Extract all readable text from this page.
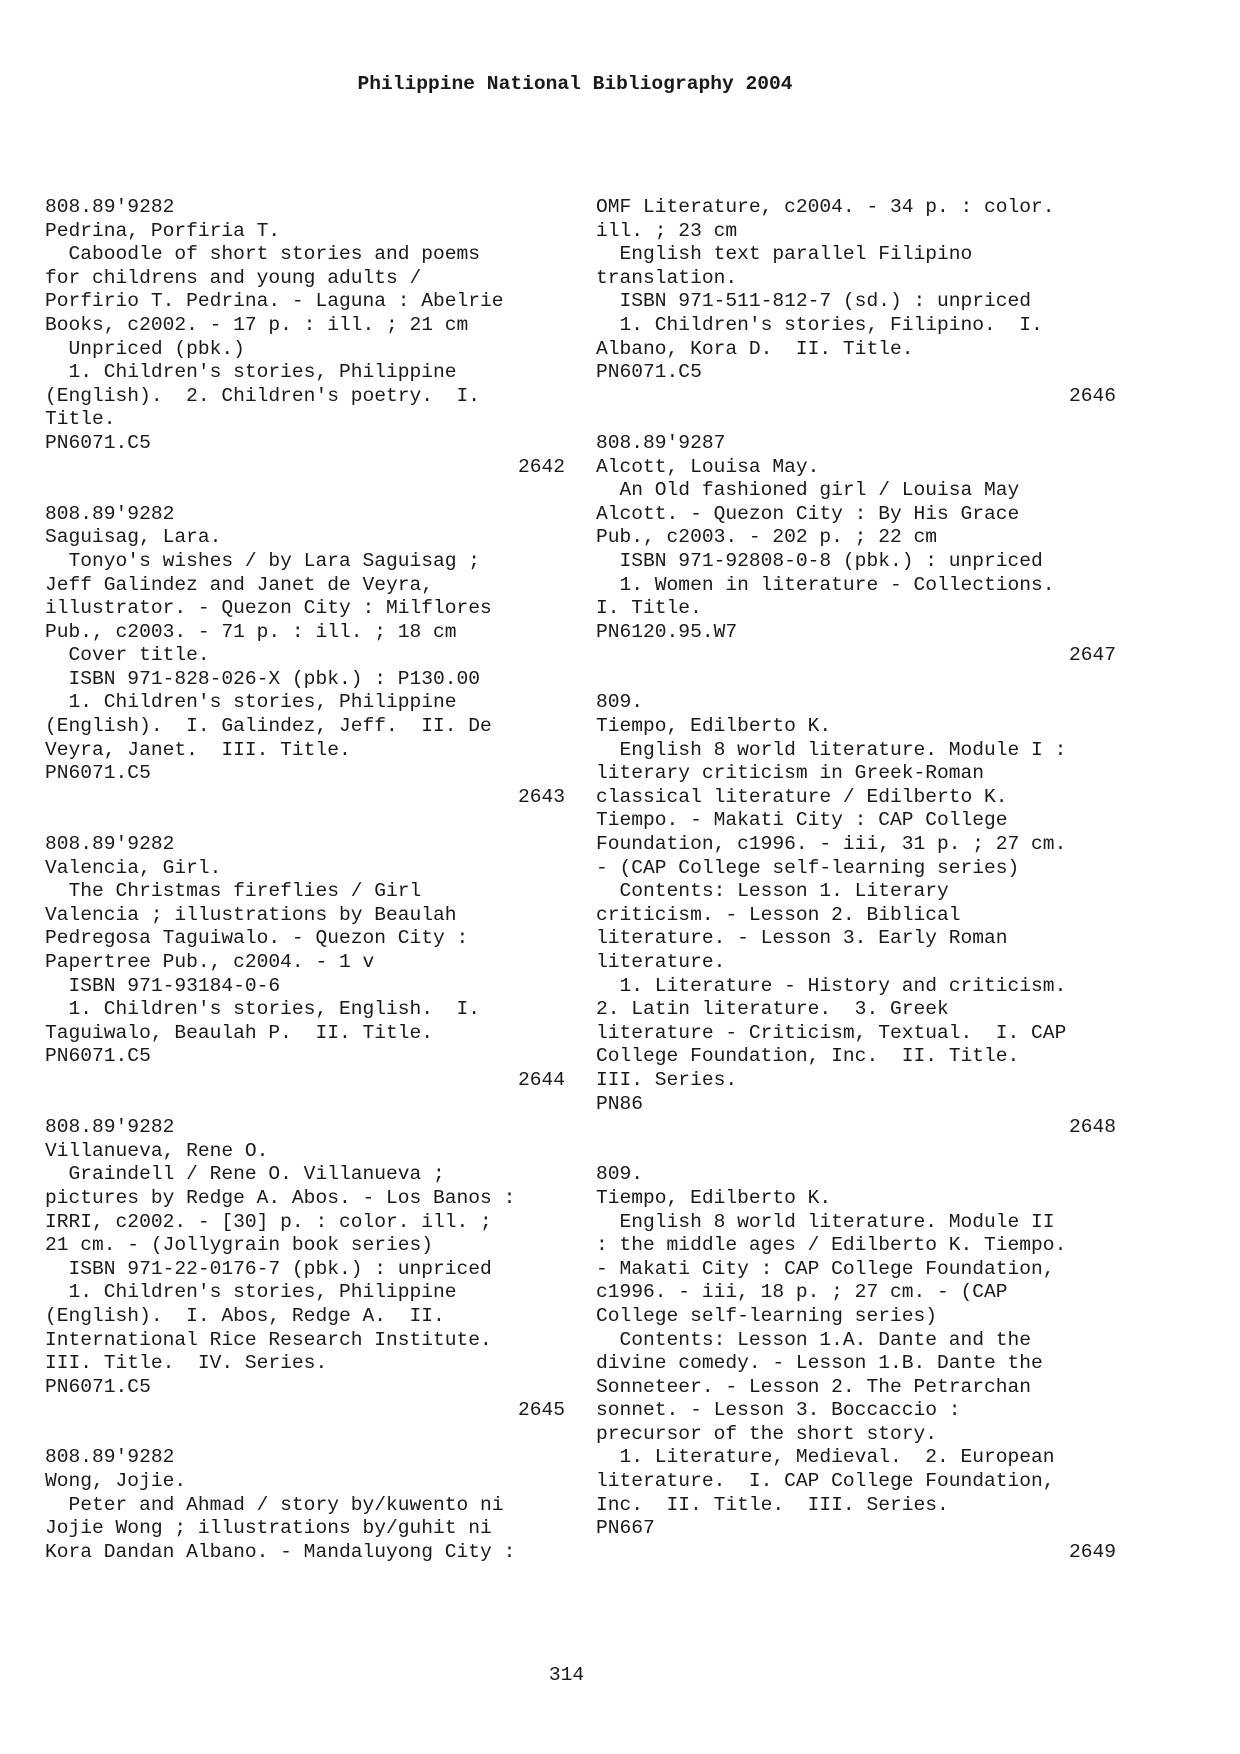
Philippine National Bibliography 2004
808.89'9282
Pedrina, Porfiria T.
Caboodle of short stories and poems
for childrens and young adults /
Porfirio T. Pedrina. - Laguna : Abelrie
Books, c2002. - 17 p. : ill. ; 21 cm
Unpriced (pbk.)
1. Children's stories, Philippine
(English).  2. Children's poetry.  I.
Title.
PN6071.C5
2642
808.89'9282
Saguisag, Lara.
Tonyo's wishes / by Lara Saguisag ;
Jeff Galindez and Janet de Veyra,
illustrator. - Quezon City : Milflores
Pub., c2003. - 71 p. : ill. ; 18 cm
Cover title.
ISBN 971-828-026-X (pbk.) : P130.00
1. Children's stories, Philippine
(English).  I. Galindez, Jeff.  II. De
Veyra, Janet.  III. Title.
PN6071.C5
2643
808.89'9282
Valencia, Girl.
The Christmas fireflies / Girl
Valencia ; illustrations by Beaulah
Pedregosa Taguiwalo. - Quezon City :
Papertree Pub., c2004. - 1 v
ISBN 971-93184-0-6
1. Children's stories, English.  I.
Taguiwalo, Beaulah P.  II. Title.
PN6071.C5
2644
808.89'9282
Villanueva, Rene O.
Graindell / Rene O. Villanueva ;
pictures by Redge A. Abos. - Los Banos :
IRRI, c2002. - [30] p. : color. ill. ;
21 cm. - (Jollygrain book series)
ISBN 971-22-0176-7 (pbk.) : unpriced
1. Children's stories, Philippine
(English).  I. Abos, Redge A.  II.
International Rice Research Institute.
III. Title.  IV. Series.
PN6071.C5
2645
808.89'9282
Wong, Jojie.
Peter and Ahmad / story by/kuwento ni
Jojie Wong ; illustrations by/guhit ni
Kora Dandan Albano. - Mandaluyong City :
OMF Literature, c2004. - 34 p. : color.
ill. ; 23 cm
English text parallel Filipino
translation.
ISBN 971-511-812-7 (sd.) : unpriced
1. Children's stories, Filipino.  I.
Albano, Kora D.  II. Title.
PN6071.C5
2646
808.89'9287
Alcott, Louisa May.
An Old fashioned girl / Louisa May
Alcott. - Quezon City : By His Grace
Pub., c2003. - 202 p. ; 22 cm
ISBN 971-92808-0-8 (pbk.) : unpriced
1. Women in literature - Collections.
I. Title.
PN6120.95.W7
2647
809.
Tiempo, Edilberto K.
English 8 world literature. Module I :
literary criticism in Greek-Roman
classical literature / Edilberto K.
Tiempo. - Makati City : CAP College
Foundation, c1996. - iii, 31 p. ; 27 cm.
- (CAP College self-learning series)
Contents: Lesson 1. Literary
criticism. - Lesson 2. Biblical
literature. - Lesson 3. Early Roman
literature.
1. Literature - History and criticism.
2. Latin literature.  3. Greek
literature - Criticism, Textual.  I. CAP
College Foundation, Inc.  II. Title.
III. Series.
PN86
2648
809.
Tiempo, Edilberto K.
English 8 world literature. Module II
: the middle ages / Edilberto K. Tiempo.
- Makati City : CAP College Foundation,
c1996. - iii, 18 p. ; 27 cm. - (CAP
College self-learning series)
Contents: Lesson 1.A. Dante and the
divine comedy. - Lesson 1.B. Dante the
Sonneteer. - Lesson 2. The Petrarchan
sonnet. - Lesson 3. Boccaccio :
precursor of the short story.
1. Literature, Medieval.  2. European
literature.  I. CAP College Foundation,
Inc.  II. Title.  III. Series.
PN667
2649
314
